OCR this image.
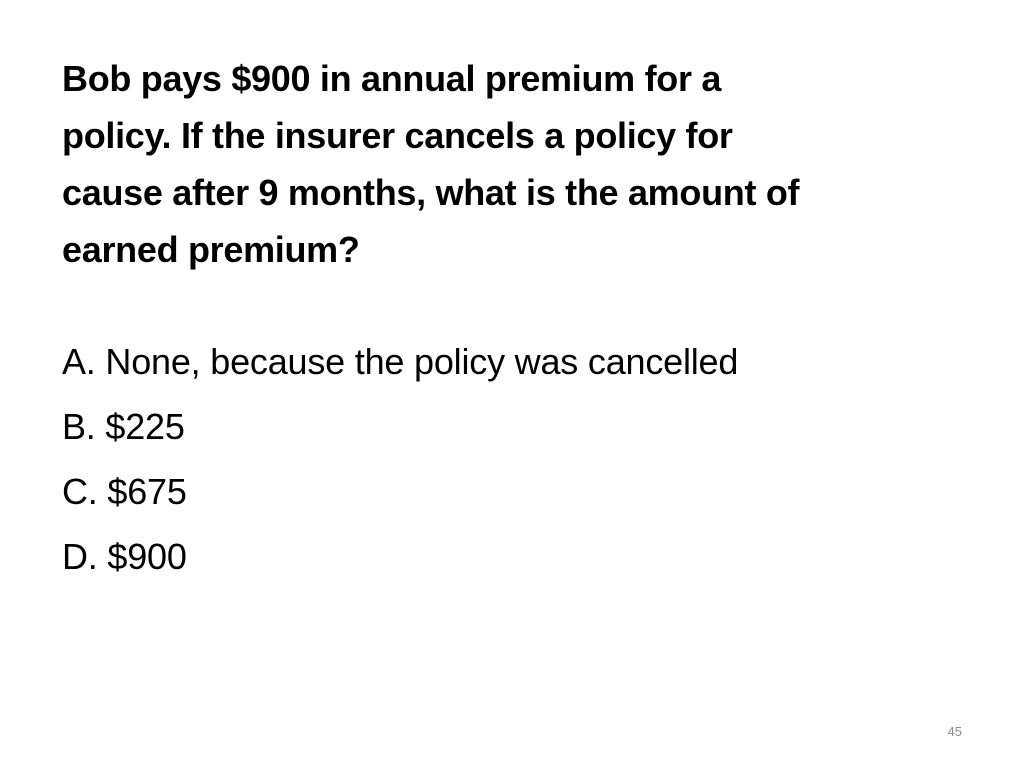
Bob pays $900 in annual premium for a
policy. If the insurer cancels a policy for
cause after 9 months, what is the amount of
earned premium?
A. None, because the policy was cancelled
B. $225
C. $675
D. $900
45
